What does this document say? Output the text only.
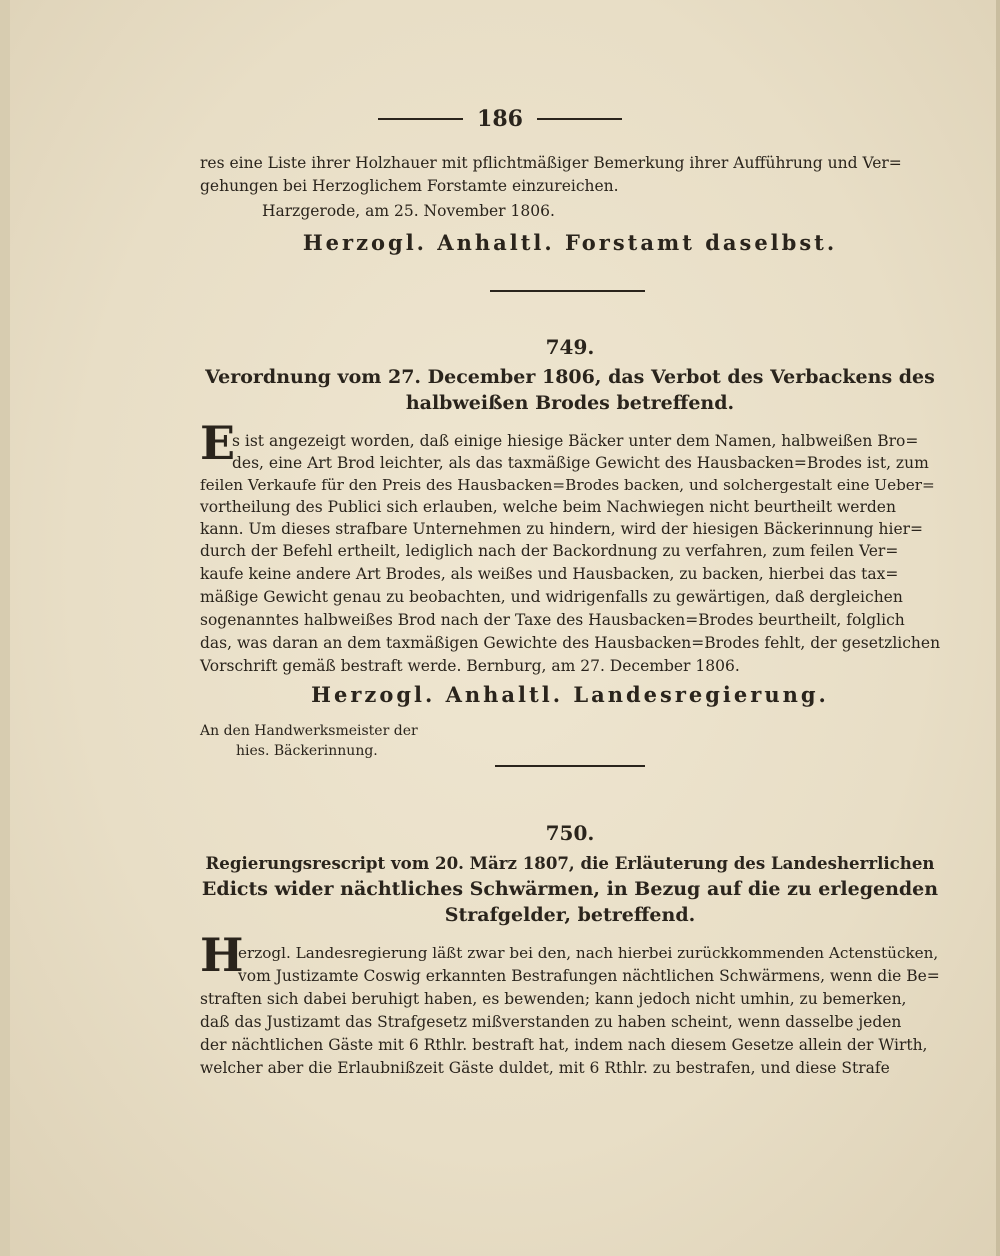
186
res eine Liste ihrer Holzhauer mit pflichtmäßiger Bemerkung ihrer Aufführung und Ver=
gehungen bei Herzoglichem Forstamte einzureichen.
Harzgerode, am 25. November 1806.
Herzogl. Anhaltl. Forstamt daselbst.
749.
Verordnung vom 27. December 1806, das Verbot des Verbackens des
halbweißen Brodes betreffend.
E
s ist angezeigt worden, daß einige hiesige Bäcker unter dem Namen, halbweißen Bro=
des, eine Art Brod leichter, als das taxmäßige Gewicht des Hausbacken=Brodes ist, zum
feilen Verkaufe für den Preis des Hausbacken=Brodes backen, und solchergestalt eine Ueber=
vortheilung des Publici sich erlauben, welche beim Nachwiegen nicht beurtheilt werden
kann. Um dieses strafbare Unternehmen zu hindern, wird der hiesigen Bäckerinnung hier=
durch der Befehl ertheilt, lediglich nach der Backordnung zu verfahren, zum feilen Ver=
kaufe keine andere Art Brodes, als weißes und Hausbacken, zu backen, hierbei das tax=
mäßige Gewicht genau zu beobachten, und widrigenfalls zu gewärtigen, daß dergleichen
sogenanntes halbweißes Brod nach der Taxe des Hausbacken=Brodes beurtheilt, folglich
das, was daran an dem taxmäßigen Gewichte des Hausbacken=Brodes fehlt, der gesetzlichen
Vorschrift gemäß bestraft werde. Bernburg, am 27. December 1806.
Herzogl. Anhaltl. Landesregierung.
An den Handwerksmeister der
hies. Bäckerinnung.
750.
Regierungsrescript vom 20. März 1807, die Erläuterung des Landesherrlichen
Edicts wider nächtliches Schwärmen, in Bezug auf die zu erlegenden
Strafgelder, betreffend.
H
erzogl. Landesregierung läßt zwar bei den, nach hierbei zurückkommenden Actenstücken,
vom Justizamte Coswig erkannten Bestrafungen nächtlichen Schwärmens, wenn die Be=
straften sich dabei beruhigt haben, es bewenden; kann jedoch nicht umhin, zu bemerken,
daß das Justizamt das Strafgesetz mißverstanden zu haben scheint, wenn dasselbe jeden
der nächtlichen Gäste mit 6 Rthlr. bestraft hat, indem nach diesem Gesetze allein der Wirth,
welcher aber die Erlaubnißzeit Gäste duldet, mit 6 Rthlr. zu bestrafen, und diese Strafe
